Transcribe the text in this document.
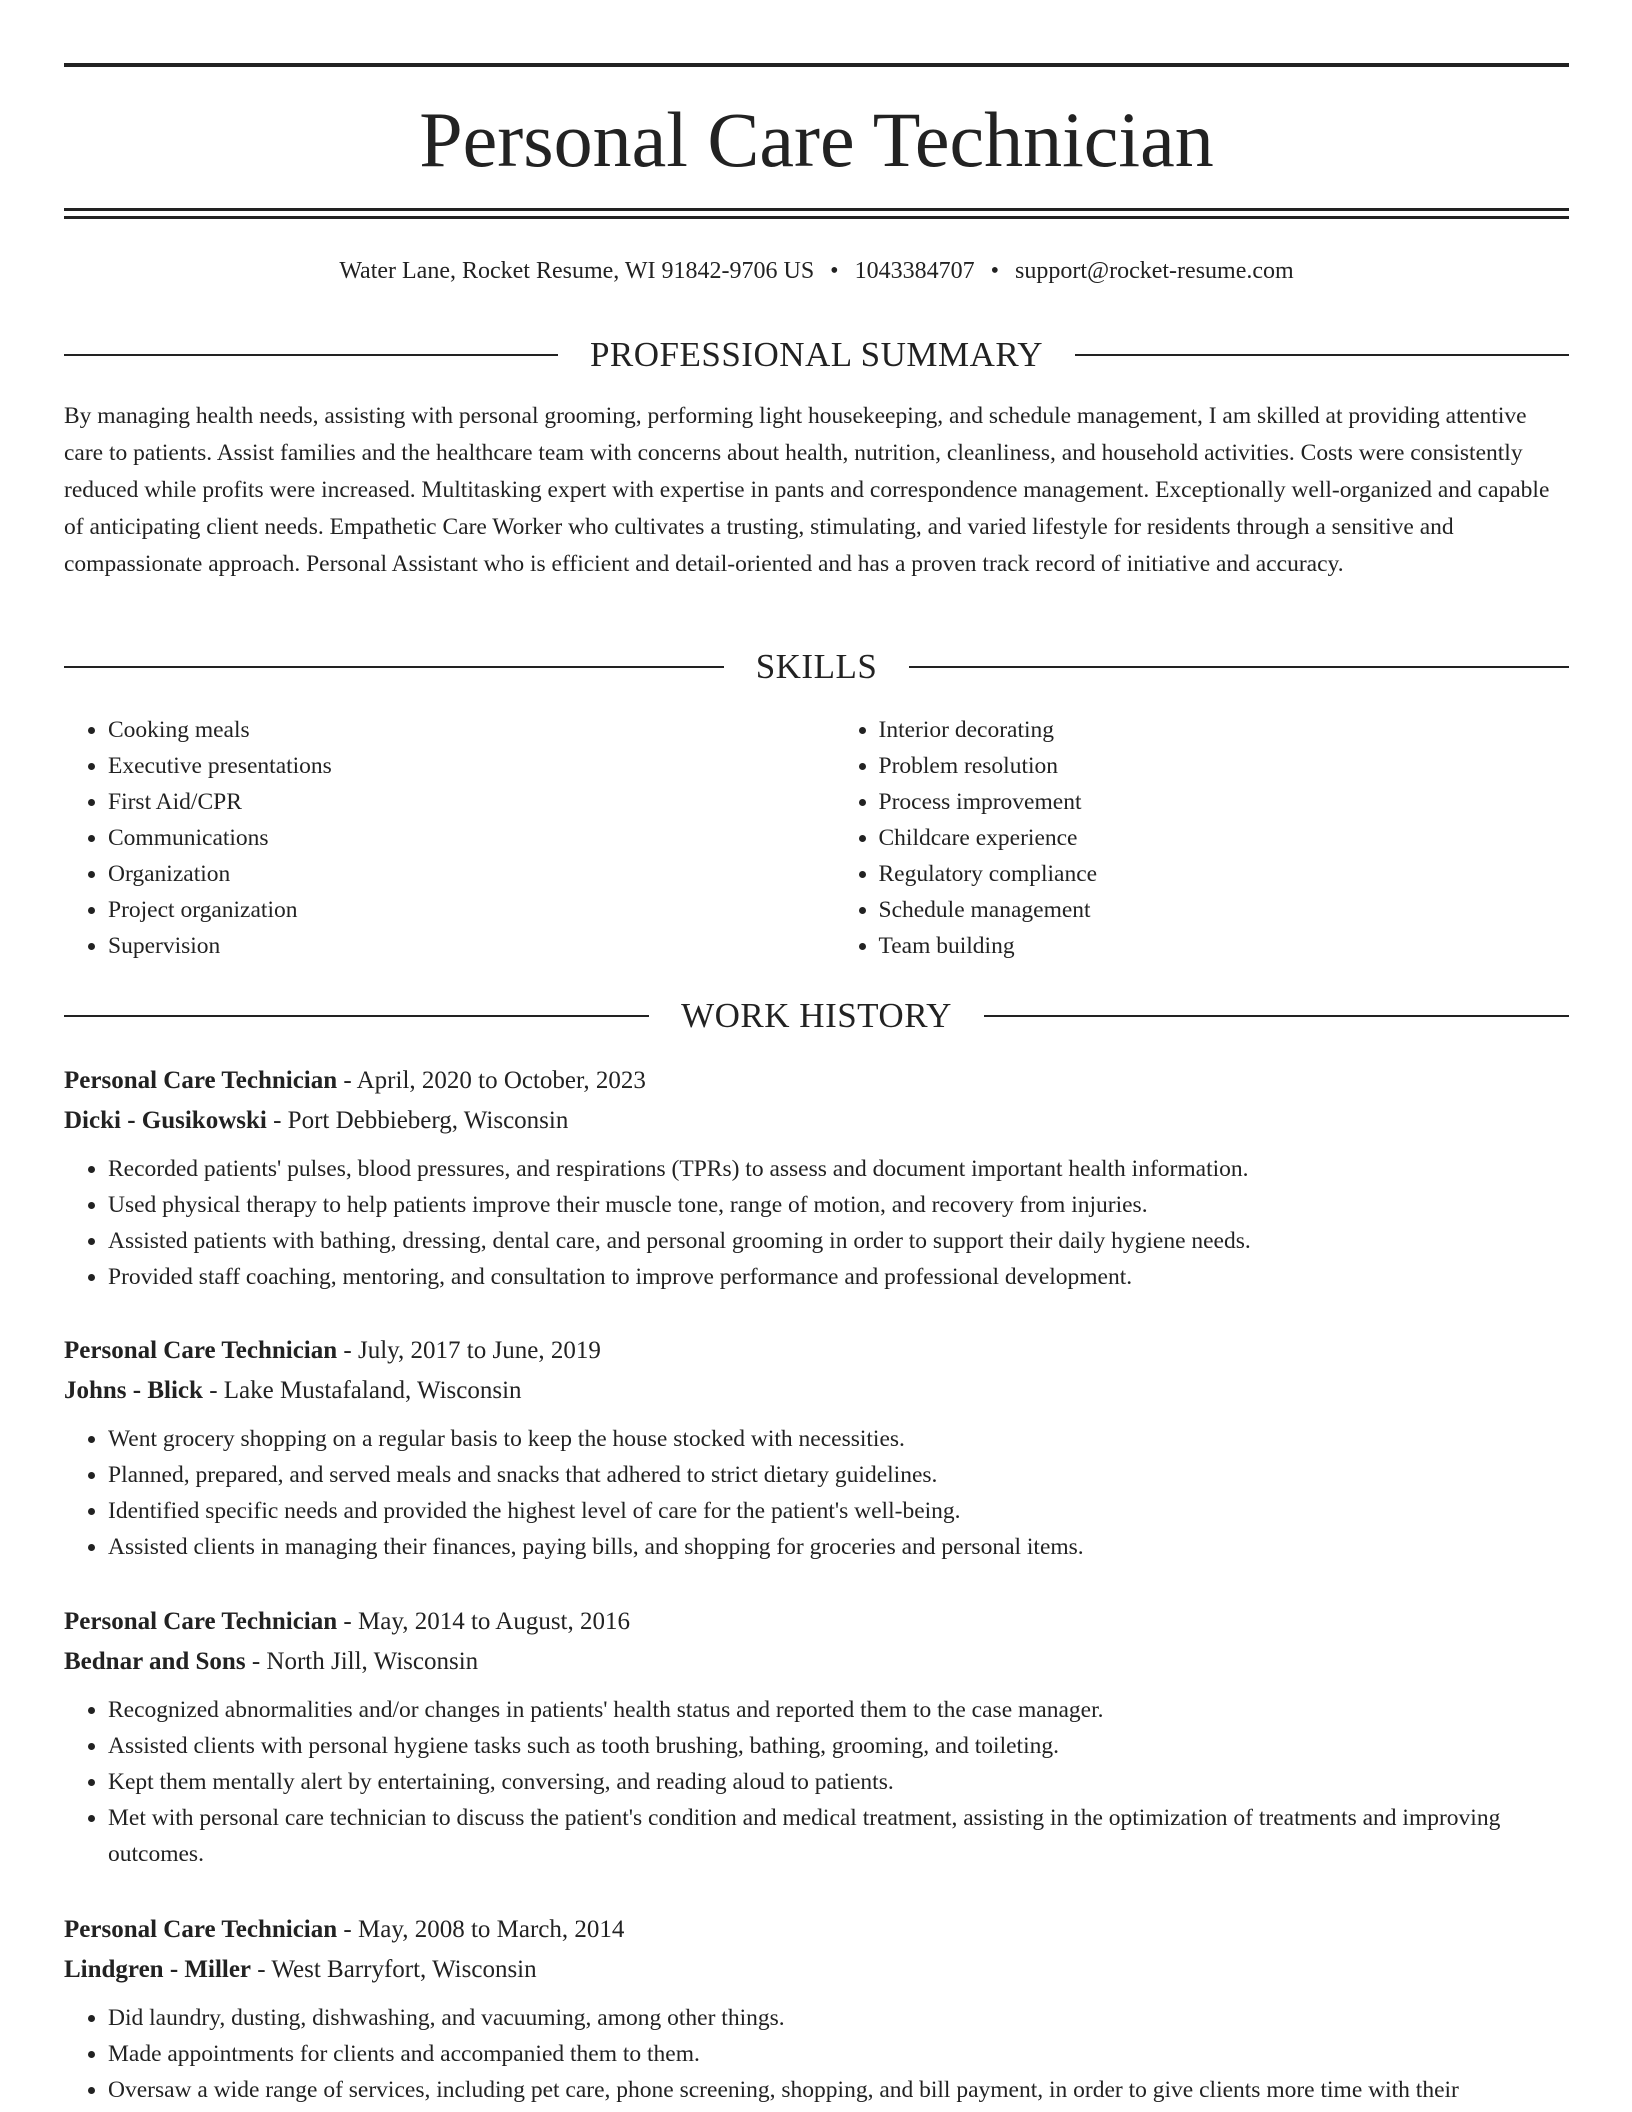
Personal Care Technician
Water Lane, Rocket Resume, WI 91842-9706 US • 1043384707 • support@rocket-resume.com
PROFESSIONAL SUMMARY

By managing health needs, assisting with personal grooming, performing light housekeeping, and schedule management, I am skilled at providing attentive care to patients. Assist families and the healthcare team with concerns about health, nutrition, cleanliness, and household activities. Costs were consistently reduced while profits were increased. Multitasking expert with expertise in pants and correspondence management. Exceptionally well-organized and capable of anticipating client needs. Empathetic Care Worker who cultivates a trusting, stimulating, and varied lifestyle for residents through a sensitive and compassionate approach. Personal Assistant who is efficient and detail-oriented and has a proven track record of initiative and accuracy.

SKILLS
• Cooking meals
• Executive presentations
• First Aid/CPR
• Communications
• Organization
• Project organization
• Supervision
• Interior decorating
• Problem resolution
• Process improvement
• Childcare experience
• Regulatory compliance
• Schedule management
• Team building
WORK HISTORY
Personal Care Technician - April, 2020 to October, 2023
Dicki - Gusikowski - Port Debbieberg, Wisconsin
• Recorded patients' pulses, blood pressures, and respirations (TPRs) to assess and document important health information.
• Used physical therapy to help patients improve their muscle tone, range of motion, and recovery from injuries.
• Assisted patients with bathing, dressing, dental care, and personal grooming in order to support their daily hygiene needs.
• Provided staff coaching, mentoring, and consultation to improve performance and professional development.
Personal Care Technician - July, 2017 to June, 2019
Johns - Blick - Lake Mustafaland, Wisconsin
• Went grocery shopping on a regular basis to keep the house stocked with necessities.
• Planned, prepared, and served meals and snacks that adhered to strict dietary guidelines.
• Identified specific needs and provided the highest level of care for the patient's well-being.
• Assisted clients in managing their finances, paying bills, and shopping for groceries and personal items.
Personal Care Technician - May, 2014 to August, 2016
Bednar and Sons - North Jill, Wisconsin
• Recognized abnormalities and/or changes in patients' health status and reported them to the case manager.
• Assisted clients with personal hygiene tasks such as tooth brushing, bathing, grooming, and toileting.
• Kept them mentally alert by entertaining, conversing, and reading aloud to patients.
• Met with personal care technician to discuss the patient's condition and medical treatment, assisting in the optimization of treatments and improving outcomes.
Personal Care Technician - May, 2008 to March, 2014
Lindgren - Miller - West Barryfort, Wisconsin
• Did laundry, dusting, dishwashing, and vacuuming, among other things.
• Made appointments for clients and accompanied them to them.
• Oversaw a wide range of services, including pet care, phone screening, shopping, and bill payment, in order to give clients more time with their
